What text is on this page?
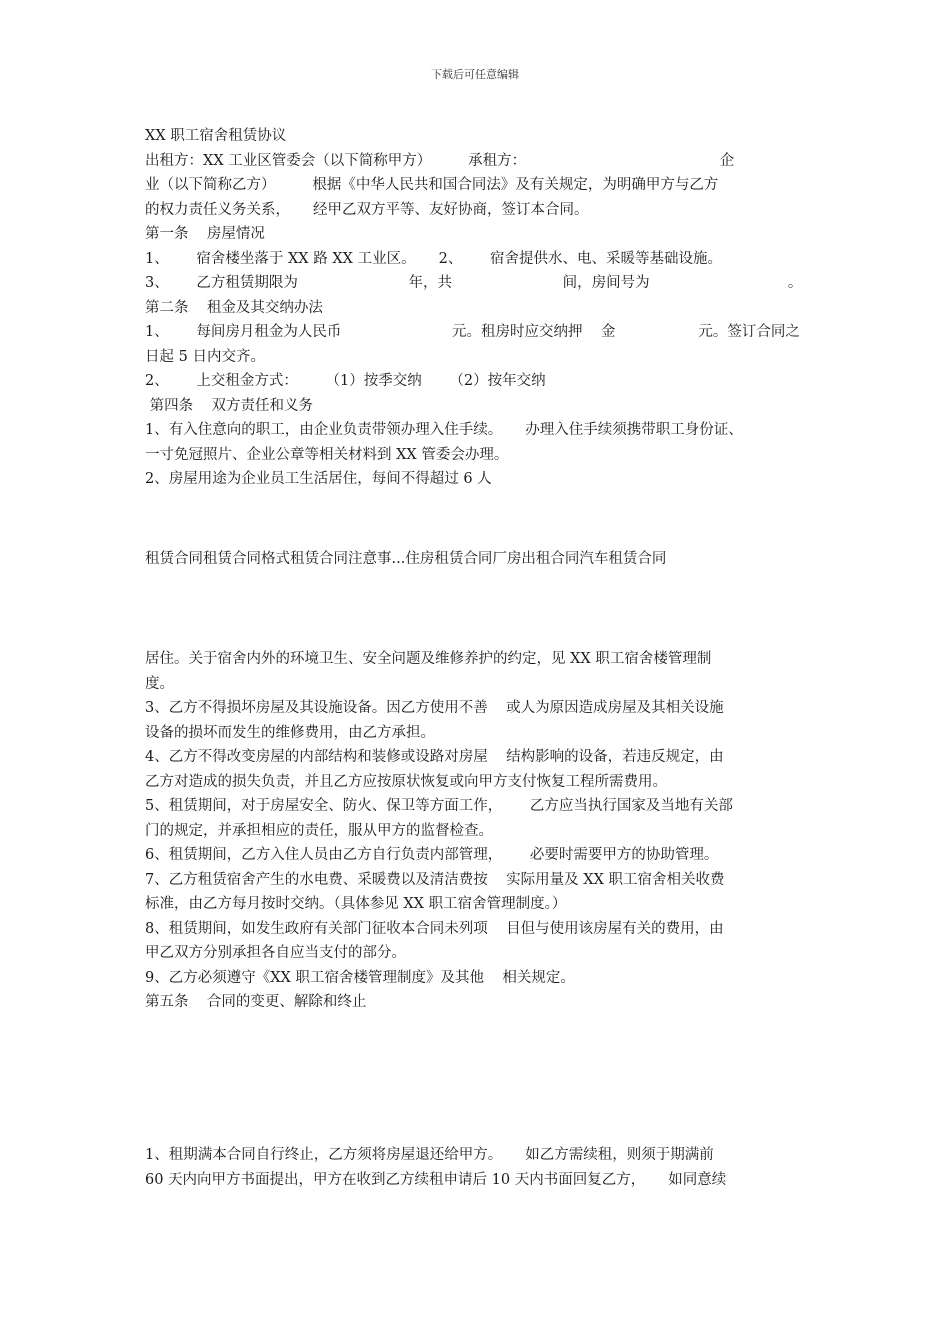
下载后可任意编辑
XX 职工宿舍租赁协议
出租方：XX 工业区管委会（以下简称甲方）        承租方：                                          企
业（以下简称乙方）        根据《中华人民共和国合同法》及有关规定，为明确甲方与乙方
的权力责任义务关系，     经甲乙双方平等、友好协商，签订本合同。
第一条    房屋情况
1、      宿舍楼坐落于 XX 路 XX 工业区。     2、      宿舍提供水、电、采暖等基础设施。
3、      乙方租赁期限为                        年，共                        间，房间号为                              。
第二条    租金及其交纳办法
1、      每间房月租金为人民币                        元。租房时应交纳押    金                  元。签订合同之
日起 5 日内交齐。
2、      上交租金方式：      （1）按季交纳      （2）按年交纳
第四条    双方责任和义务
1、有入住意向的职工，由企业负责带领办理入住手续。     办理入住手续须携带职工身份证、
一寸免冠照片、企业公章等相关材料到 XX 管委会办理。
2、房屋用途为企业员工生活居住，每间不得超过 6 人
租赁合同租赁合同格式租赁合同注意事...住房租赁合同厂房出租合同汽车租赁合同
居住。关于宿舍内外的环境卫生、安全问题及维修养护的约定，见 XX 职工宿舍楼管理制
度。
3、乙方不得损坏房屋及其设施设备。因乙方使用不善    或人为原因造成房屋及其相关设施
设备的损坏而发生的维修费用，由乙方承担。
4、乙方不得改变房屋的内部结构和装修或设路对房屋    结构影响的设备，若违反规定，由
乙方对造成的损失负责，并且乙方应按原状恢复或向甲方支付恢复工程所需费用。
5、租赁期间，对于房屋安全、防火、保卫等方面工作，      乙方应当执行国家及当地有关部
门的规定，并承担相应的责任，服从甲方的监督检查。
6、租赁期间，乙方入住人员由乙方自行负责内部管理，      必要时需要甲方的协助管理。
7、乙方租赁宿舍产生的水电费、采暖费以及清洁费按    实际用量及 XX 职工宿舍相关收费
标准，由乙方每月按时交纳。（具体参见 XX 职工宿舍管理制度。）
8、租赁期间，如发生政府有关部门征收本合同未列项    目但与使用该房屋有关的费用，由
甲乙双方分别承担各自应当支付的部分。
9、乙方必须遵守《XX 职工宿舍楼管理制度》及其他    相关规定。
第五条    合同的变更、解除和终止
1、租期满本合同自行终止，乙方须将房屋退还给甲方。     如乙方需续租，则须于期满前
60 天内向甲方书面提出，甲方在收到乙方续租申请后 10 天内书面回复乙方，     如同意续
